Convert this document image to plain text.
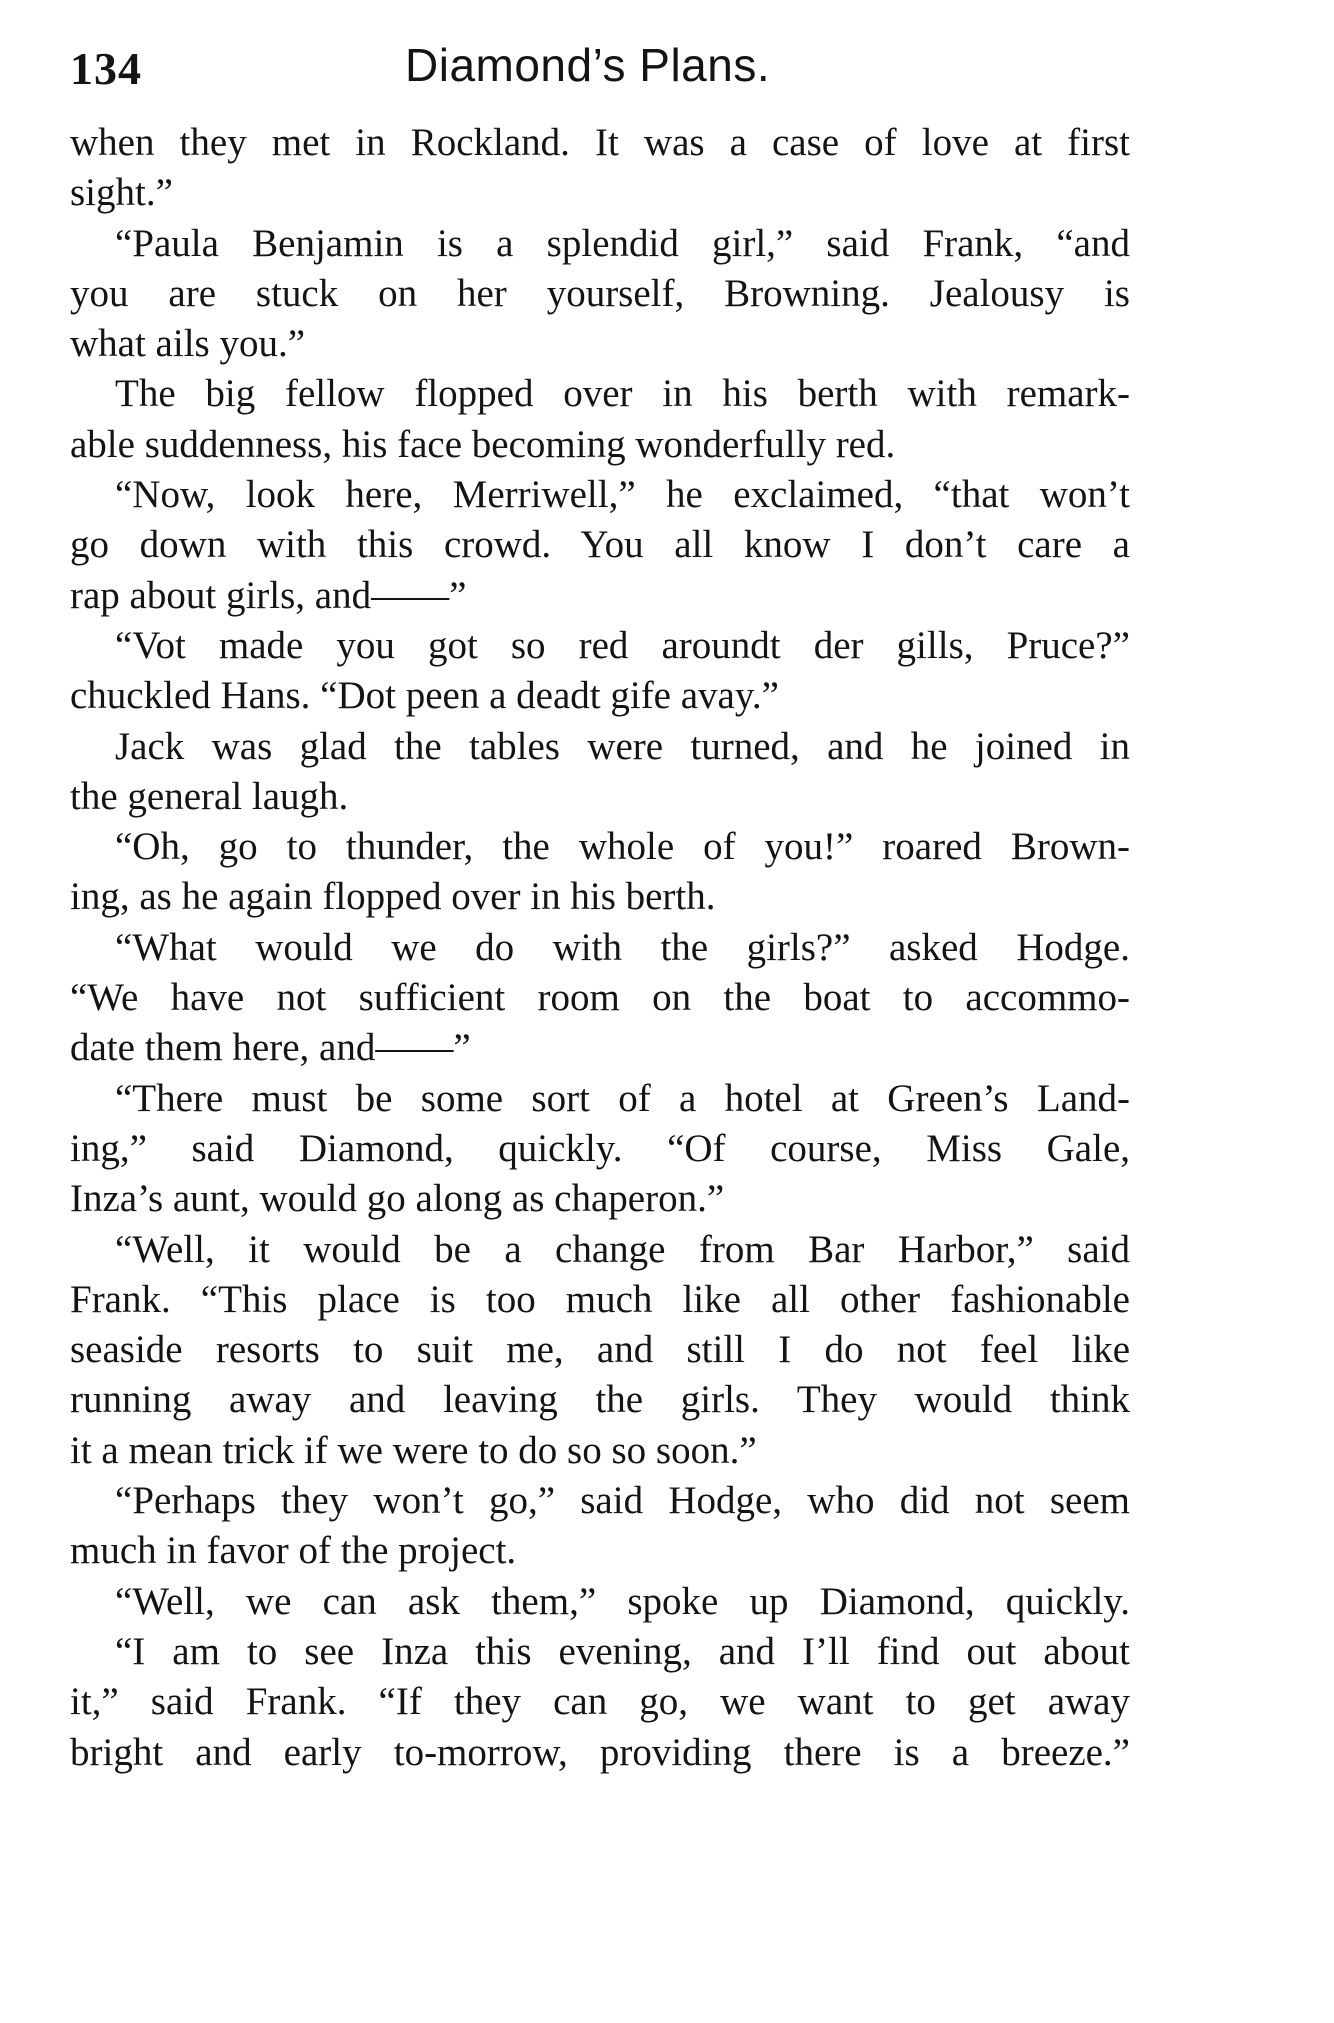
134	Diamond’s Plans.
when they met in Rockland. It was a case of love at first
sight.”
“Paula Benjamin is a splendid girl,” said Frank, “and
you are stuck on her yourself, Browning. Jealousy is
what ails you.”
The big fellow flopped over in his berth with remark-
able suddenness, his face becoming wonderfully red.
“Now, look here, Merriwell,” he exclaimed, “that won’t
go down with this crowd. You all know I don’t care a
rap about girls, and——”
“Vot made you got so red aroundt der gills, Pruce?”
chuckled Hans. “Dot peen a deadt gife avay.”
Jack was glad the tables were turned, and he joined in
the general laugh.
“Oh, go to thunder, the whole of you!” roared Brown-
ing, as he again flopped over in his berth.
“What would we do with the girls?” asked Hodge.
“We have not sufficient room on the boat to accommo-
date them here, and——”
“There must be some sort of a hotel at Green’s Land-
ing,” said Diamond, quickly. “Of course, Miss Gale,
Inza’s aunt, would go along as chaperon.”
“Well, it would be a change from Bar Harbor,” said
Frank. “This place is too much like all other fashionable
seaside resorts to suit me, and still I do not feel like
running away and leaving the girls. They would think
it a mean trick if we were to do so so soon.”
“Perhaps they won’t go,” said Hodge, who did not seem
much in favor of the project.
“Well, we can ask them,” spoke up Diamond, quickly.
“I am to see Inza this evening, and I’ll find out about
it,” said Frank. “If they can go, we want to get away
bright and early to-morrow, providing there is a breeze.”
